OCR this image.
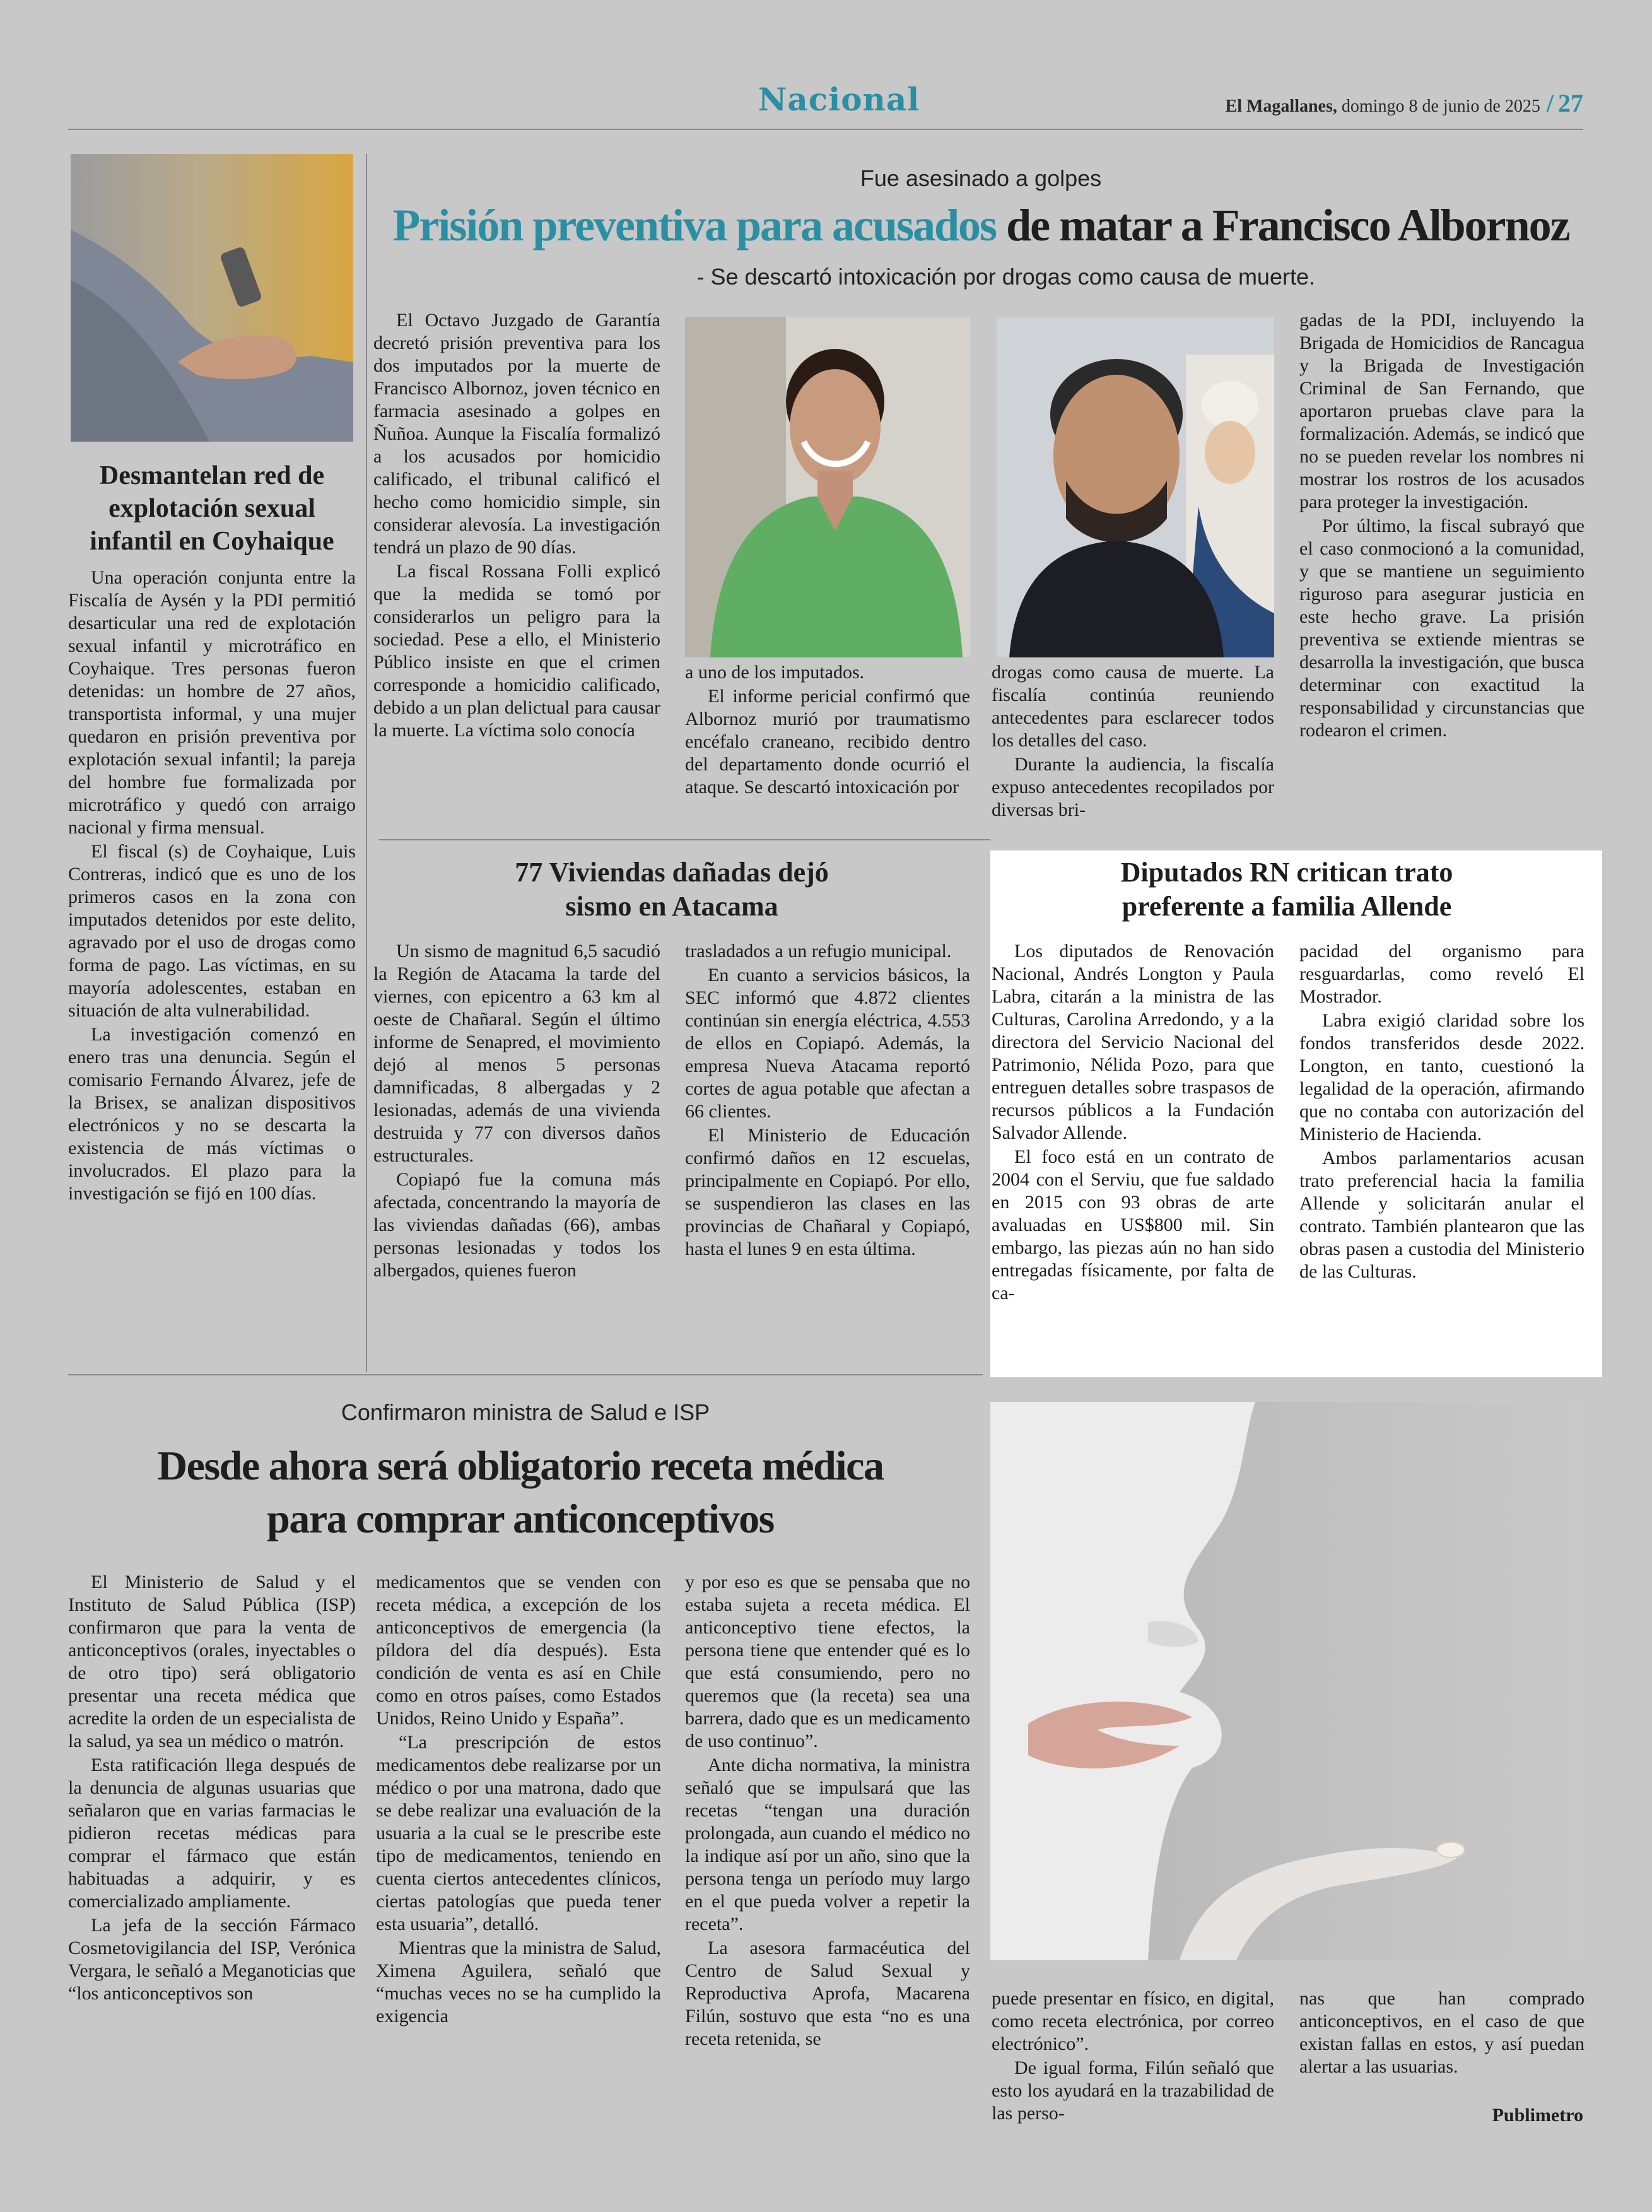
Nacional	El Magallanes, domingo 8 de junio de 2025 / 27
Desmantelan red de explotación sexual infantil en Coyhaique

Una operación conjunta entre la Fiscalía de Aysén y la PDI permitió desarticular una red de explotación sexual infantil y microtráfico en Coyhaique. Tres personas fueron detenidas: un hombre de 27 años, transportista informal, y una mujer quedaron en prisión preventiva por explotación sexual infantil; la pareja del hombre fue formalizada por microtráfico y quedó con arraigo nacional y firma mensual.

El fiscal (s) de Coyhaique, Luis Contreras, indicó que es uno de los primeros casos en la zona con imputados detenidos por este delito, agravado por el uso de drogas como forma de pago. Las víctimas, en su mayoría adolescentes, estaban en situación de alta vulnerabilidad.

La investigación comenzó en enero tras una denuncia. Según el comisario Fernando Álvarez, jefe de la Brisex, se analizan dispositivos electrónicos y no se descarta la existencia de más víctimas o involucrados. El plazo para la investigación se fijó en 100 días.

Fue asesinado a golpes
Prisión preventiva para acusados de matar a Francisco Albornoz
- Se descartó intoxicación por drogas como causa de muerte.

El Octavo Juzgado de Garantía decretó prisión preventiva para los dos imputados por la muerte de Francisco Albornoz, joven técnico en farmacia asesinado a golpes en Ñuñoa. Aunque la Fiscalía formalizó a los acusados por homicidio calificado, el tribunal calificó el hecho como homicidio simple, sin considerar alevosía. La investigación tendrá un plazo de 90 días.

La fiscal Rossana Folli explicó que la medida se tomó por considerarlos un peligro para la sociedad. Pese a ello, el Ministerio Público insiste en que el crimen corresponde a homicidio calificado, debido a un plan delictual para causar la muerte. La víctima solo conocía

a uno de los imputados.

El informe pericial confirmó que Albornoz murió por traumatismo encéfalo craneano, recibido dentro del departamento donde ocurrió el ataque. Se descartó intoxicación por

drogas como causa de muerte. La fiscalía continúa reuniendo antecedentes para esclarecer todos los detalles del caso.

Durante la audiencia, la fiscalía expuso antecedentes recopilados por diversas bri-

gadas de la PDI, incluyendo la Brigada de Homicidios de Rancagua y la Brigada de Investigación Criminal de San Fernando, que aportaron pruebas clave para la formalización. Además, se indicó que no se pueden revelar los nombres ni mostrar los rostros de los acusados para proteger la investigación.

Por último, la fiscal subrayó que el caso conmocionó a la comunidad, y que se mantiene un seguimiento riguroso para asegurar justicia en este hecho grave. La prisión preventiva se extiende mientras se desarrolla la investigación, que busca determinar con exactitud la responsabilidad y circunstancias que rodearon el crimen.

77 Viviendas dañadas dejó sismo en Atacama

Un sismo de magnitud 6,5 sacudió la Región de Atacama la tarde del viernes, con epicentro a 63 km al oeste de Chañaral. Según el último informe de Senapred, el movimiento dejó al menos 5 personas damnificadas, 8 albergadas y 2 lesionadas, además de una vivienda destruida y 77 con diversos daños estructurales.

Copiapó fue la comuna más afectada, concentrando la mayoría de las viviendas dañadas (66), ambas personas lesionadas y todos los albergados, quienes fueron

trasladados a un refugio municipal.

En cuanto a servicios básicos, la SEC informó que 4.872 clientes continúan sin energía eléctrica, 4.553 de ellos en Copiapó. Además, la empresa Nueva Atacama reportó cortes de agua potable que afectan a 66 clientes.

El Ministerio de Educación confirmó daños en 12 escuelas, principalmente en Copiapó. Por ello, se suspendieron las clases en las provincias de Chañaral y Copiapó, hasta el lunes 9 en esta última.

Diputados RN critican trato preferente a familia Allende

Los diputados de Renovación Nacional, Andrés Longton y Paula Labra, citarán a la ministra de las Culturas, Carolina Arredondo, y a la directora del Servicio Nacional del Patrimonio, Nélida Pozo, para que entreguen detalles sobre traspasos de recursos públicos a la Fundación Salvador Allende.

El foco está en un contrato de 2004 con el Serviu, que fue saldado en 2015 con 93 obras de arte avaluadas en US$800 mil. Sin embargo, las piezas aún no han sido entregadas físicamente, por falta de ca-

pacidad del organismo para resguardarlas, como reveló El Mostrador.

Labra exigió claridad sobre los fondos transferidos desde 2022. Longton, en tanto, cuestionó la legalidad de la operación, afirmando que no contaba con autorización del Ministerio de Hacienda.

Ambos parlamentarios acusan trato preferencial hacia la familia Allende y solicitarán anular el contrato. También plantearon que las obras pasen a custodia del Ministerio de las Culturas.

Confirmaron ministra de Salud e ISP
Desde ahora será obligatorio receta médica para comprar anticonceptivos

El Ministerio de Salud y el Instituto de Salud Pública (ISP) confirmaron que para la venta de anticonceptivos (orales, inyectables o de otro tipo) será obligatorio presentar una receta médica que acredite la orden de un especialista de la salud, ya sea un médico o matrón.

Esta ratificación llega después de la denuncia de algunas usuarias que señalaron que en varias farmacias le pidieron recetas médicas para comprar el fármaco que están habituadas a adquirir, y es comercializado ampliamente.

La jefa de la sección Fármaco Cosmetovigilancia del ISP, Verónica Vergara, le señaló a Meganoticias que “los anticonceptivos son

medicamentos que se venden con receta médica, a excepción de los anticonceptivos de emergencia (la píldora del día después). Esta condición de venta es así en Chile como en otros países, como Estados Unidos, Reino Unido y España”.

“La prescripción de estos medicamentos debe realizarse por un médico o por una matrona, dado que se debe realizar una evaluación de la usuaria a la cual se le prescribe este tipo de medicamentos, teniendo en cuenta ciertos antecedentes clínicos, ciertas patologías que pueda tener esta usuaria”, detalló.

Mientras que la ministra de Salud, Ximena Aguilera, señaló que “muchas veces no se ha cumplido la exigencia

y por eso es que se pensaba que no estaba sujeta a receta médica. El anticonceptivo tiene efectos, la persona tiene que entender qué es lo que está consumiendo, pero no queremos que (la receta) sea una barrera, dado que es un medicamento de uso continuo”.

Ante dicha normativa, la ministra señaló que se impulsará que las recetas “tengan una duración prolongada, aun cuando el médico no la indique así por un año, sino que la persona tenga un período muy largo en el que pueda volver a repetir la receta”.

La asesora farmacéutica del Centro de Salud Sexual y Reproductiva Aprofa, Macarena Filún, sostuvo que esta “no es una receta retenida, se

puede presentar en físico, en digital, como receta electrónica, por correo electrónico”.

De igual forma, Filún señaló que esto los ayudará en la trazabilidad de las perso-

nas que han comprado anticonceptivos, en el caso de que existan fallas en estos, y así puedan alertar a las usuarias.

Publimetro
